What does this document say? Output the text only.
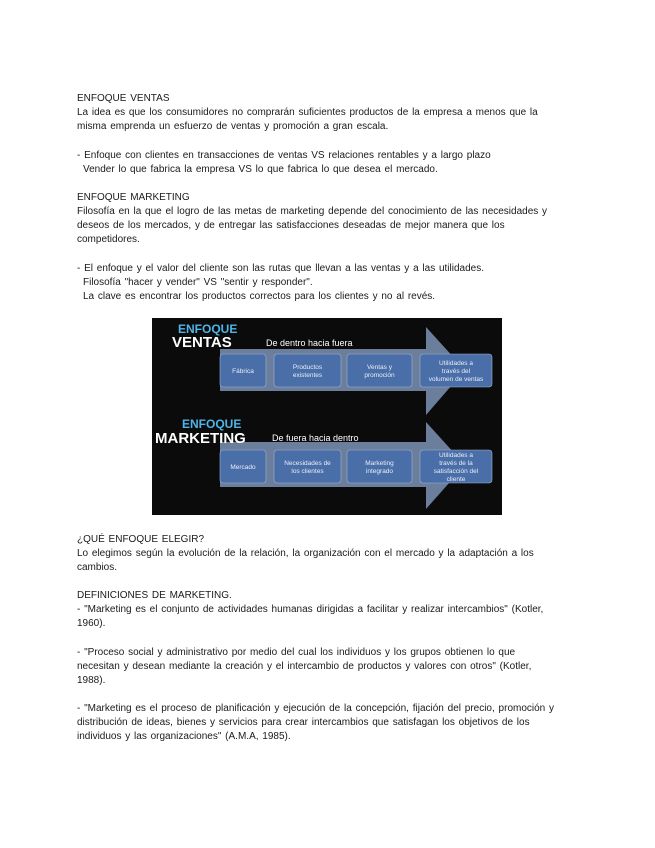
ENFOQUE VENTAS

La idea es que los consumidores no comprarán suficientes productos de la empresa a menos que la

misma emprenda un esfuerzo de ventas y promoción a gran escala.

- Enfoque con clientes en transacciones de ventas VS relaciones rentables y a largo plazo

Vender lo que fabrica la empresa VS lo que fabrica lo que desea el mercado.

ENFOQUE MARKETING

Filosofía en la que el logro de las metas de marketing depende del conocimiento de las necesidades y

deseos de los mercados, y de entregar las satisfacciones deseadas de mejor manera que los

competidores.

- El enfoque y el valor del cliente son las rutas que llevan a las ventas y a las utilidades.

Filosofía "hacer y vender" VS "sentir y responder".

La clave es encontrar los productos correctos para los clientes y no al revés.

ENFOQUE
VENTAS	De dentro hacia fuera
Fábrica
Productos existentes
Ventas y promoción
Utilidades a través del volumen de ventas
ENFOQUE
MARKETING	De fuera hacia dentro
Mercado
Necesidades de los clientes
Marketing integrado
Utilidades a través de la satisfacción del cliente

¿QUÉ ENFOQUE ELEGIR?

Lo elegimos según la evolución de la relación, la organización con el mercado y la adaptación a los

cambios.

DEFINICIONES DE MARKETING.

- "Marketing es el conjunto de actividades humanas dirigidas a facilitar y realizar intercambios" (Kotler,

1960).

- "Proceso social y administrativo por medio del cual los individuos y los grupos obtienen lo que

necesitan y desean mediante la creación y el intercambio de productos y valores con otros" (Kotler,

1988).

- "Marketing es el proceso de planificación y ejecución de la concepción, fijación del precio, promoción y

distribución de ideas, bienes y servicios para crear intercambios que satisfagan los objetivos de los

individuos y las organizaciones" (A.M.A, 1985).
